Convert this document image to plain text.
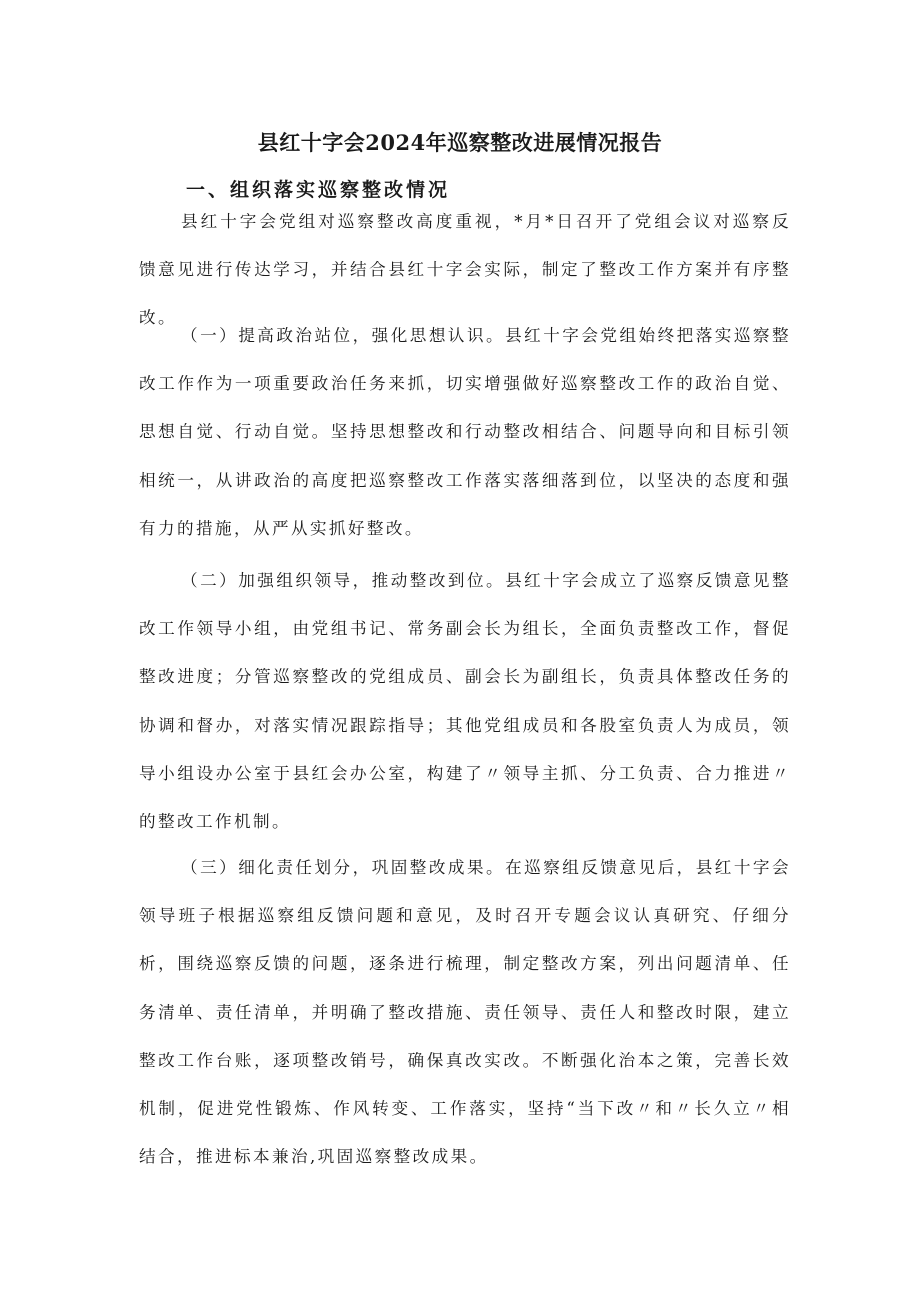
县红十字会2024年巡察整改进展情况报告
一、组织落实巡察整改情况

县红十字会党组对巡察整改高度重视，*月*日召开了党组会议对巡察反馈意见进行传达学习，并结合县红十字会实际，制定了整改工作方案并有序整改。

（一）提高政治站位，强化思想认识。县红十字会党组始终把落实巡察整改工作作为一项重要政治任务来抓，切实增强做好巡察整改工作的政治自觉、思想自觉、行动自觉。坚持思想整改和行动整改相结合、问题导向和目标引领相统一，从讲政治的高度把巡察整改工作落实落细落到位，以坚决的态度和强有力的措施，从严从实抓好整改。

（二）加强组织领导，推动整改到位。县红十字会成立了巡察反馈意见整改工作领导小组，由党组书记、常务副会长为组长，全面负责整改工作，督促整改进度；分管巡察整改的党组成员、副会长为副组长，负责具体整改任务的协调和督办，对落实情况跟踪指导；其他党组成员和各股室负责人为成员，领导小组设办公室于县红会办公室，构建了〃领导主抓、分工负责、合力推进〃的整改工作机制。

（三）细化责任划分，巩固整改成果。在巡察组反馈意见后，县红十字会领导班子根据巡察组反馈问题和意见，及时召开专题会议认真研究、仔细分析，围绕巡察反馈的问题，逐条进行梳理，制定整改方案，列出问题清单、任务清单、责任清单，并明确了整改措施、责任领导、责任人和整改时限，建立整改工作台账，逐项整改销号，确保真改实改。不断强化治本之策，完善长效机制，促进党性锻炼、作风转变、工作落实，坚持“当下改〃和〃长久立〃相结合，推进标本兼治,巩固巡察整改成果。
